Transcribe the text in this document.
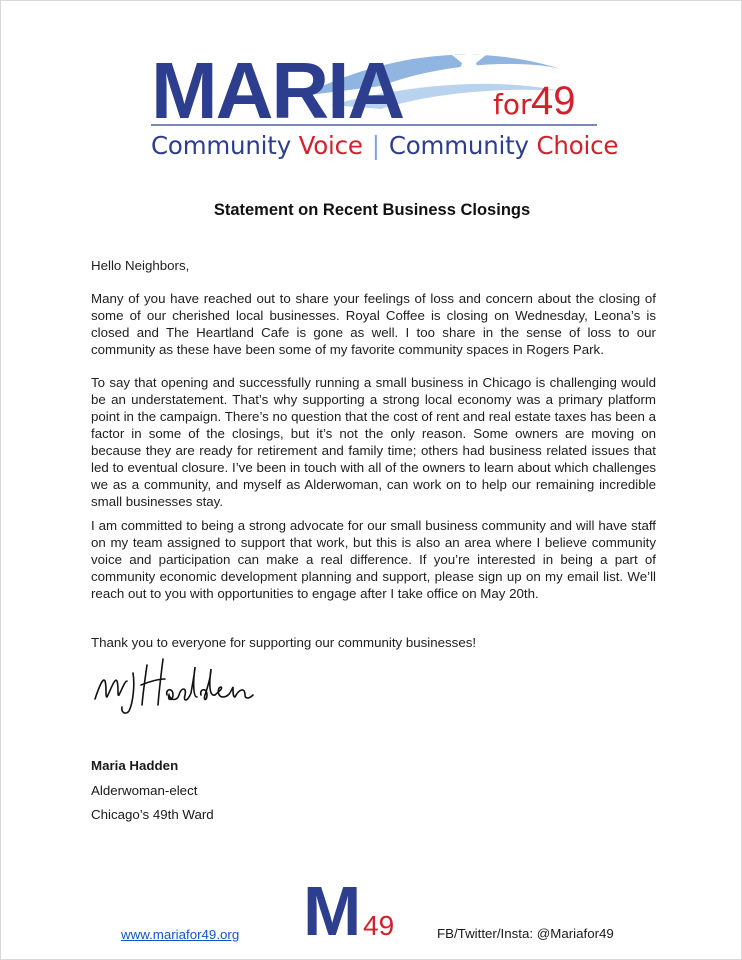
MARIA	for 49
Community Voice | Community Choice
Statement on Recent Business Closings
Hello Neighbors,

Many of you have reached out to share your feelings of loss and concern about the closing of some of our cherished local businesses. Royal Coffee is closing on Wednesday, Leona’s is closed and The Heartland Cafe is gone as well. I too share in the sense of loss to our community as these have been some of my favorite community spaces in Rogers Park.

To say that opening and successfully running a small business in Chicago is challenging would be an understatement. That’s why supporting a strong local economy was a primary platform point in the campaign. There’s no question that the cost of rent and real estate taxes has been a factor in some of the closings, but it’s not the only reason. Some owners are moving on because they are ready for retirement and family time; others had business related issues that led to eventual closure. I’ve been in touch with all of the owners to learn about which challenges we as a community, and myself as Alderwoman, can work on to help our remaining incredible small businesses stay.

I am committed to being a strong advocate for our small business community and will have staff on my team assigned to support that work, but this is also an area where I believe community voice and participation can make a real difference. If you’re interested in being a part of community economic development planning and support, please sign up on my email list. We’ll reach out to you with opportunities to engage after I take office on May 20th.

Thank you to everyone for supporting our community businesses!
Maria Hadden
Alderwoman-elect
Chicago’s 49th Ward
M 49
www.mariafor49.org	FB/Twitter/Insta: @Mariafor49
